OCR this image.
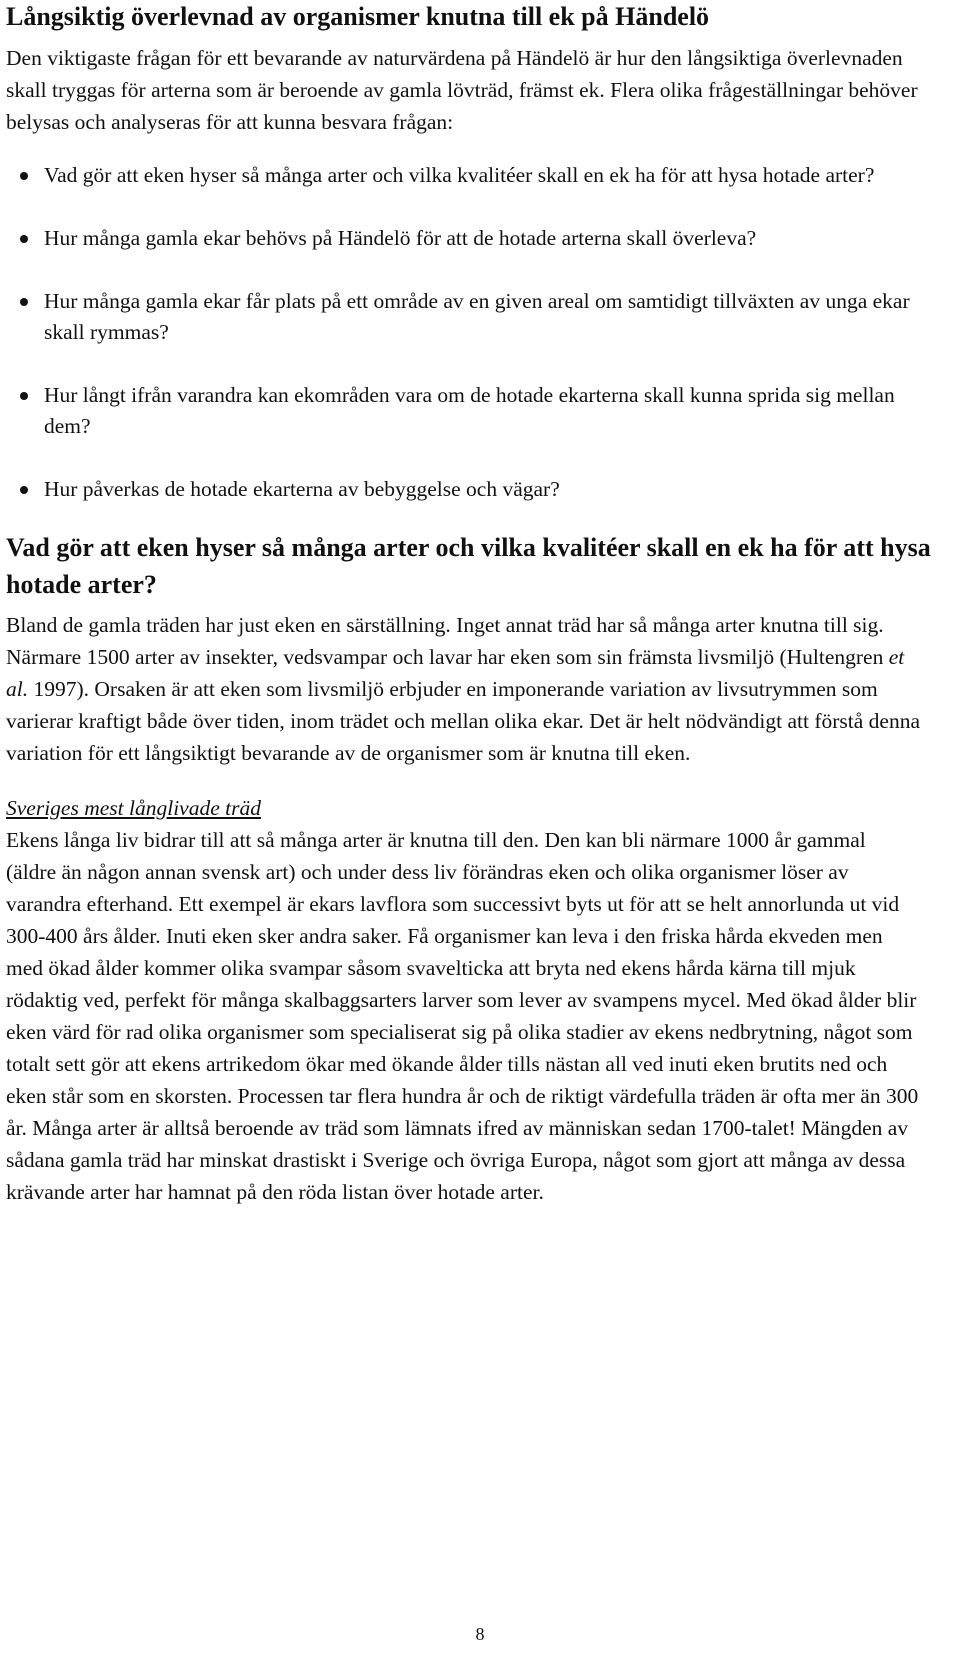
Långsiktig överlevnad av organismer knutna till ek på Händelö

Den viktigaste frågan för ett bevarande av naturvärdena på Händelö är hur den långsiktiga överlevnaden skall tryggas för arterna som är beroende av gamla lövträd, främst ek. Flera olika frågeställningar behöver belysas och analyseras för att kunna besvara frågan:

Vad gör att eken hyser så många arter och vilka kvalitéer skall en ek ha för att hysa hotade arter?
Hur många gamla ekar behövs på Händelö för att de hotade arterna skall överleva?
Hur många gamla ekar får plats på ett område av en given areal om samtidigt tillväxten av unga ekar skall rymmas?
Hur långt ifrån varandra kan ekområden vara om de hotade ekarterna skall kunna sprida sig mellan dem?
Hur påverkas de hotade ekarterna av bebyggelse och vägar?
Vad gör att eken hyser så många arter och vilka kvalitéer skall en ek ha för att hysa hotade arter?

Bland de gamla träden har just eken en särställning. Inget annat träd har så många arter knutna till sig. Närmare 1500 arter av insekter, vedsvampar och lavar har eken som sin främsta livsmiljö (Hultengren et al. 1997). Orsaken är att eken som livsmiljö erbjuder en imponerande variation av livsutrymmen som varierar kraftigt både över tiden, inom trädet och mellan olika ekar. Det är helt nödvändigt att förstå denna variation för ett långsiktigt bevarande av de organismer som är knutna till eken.

Sveriges mest långlivade träd

Ekens långa liv bidrar till att så många arter är knutna till den. Den kan bli närmare 1000 år gammal (äldre än någon annan svensk art) och under dess liv förändras eken och olika organismer löser av varandra efterhand. Ett exempel är ekars lavflora som successivt byts ut för att se helt annorlunda ut vid 300-400 års ålder. Inuti eken sker andra saker. Få organismer kan leva i den friska hårda ekveden men med ökad ålder kommer olika svampar såsom svavelticka att bryta ned ekens hårda kärna till mjuk rödaktig ved, perfekt för många skalbaggsarters larver som lever av svampens mycel. Med ökad ålder blir eken värd för rad olika organismer som specialiserat sig på olika stadier av ekens nedbrytning, något som totalt sett gör att ekens artrikedom ökar med ökande ålder tills nästan all ved inuti eken brutits ned och eken står som en skorsten. Processen tar flera hundra år och de riktigt värdefulla träden är ofta mer än 300 år. Många arter är alltså beroende av träd som lämnats ifred av människan sedan 1700-talet! Mängden av sådana gamla träd har minskat drastiskt i Sverige och övriga Europa, något som gjort att många av dessa krävande arter har hamnat på den röda listan över hotade arter.

8
